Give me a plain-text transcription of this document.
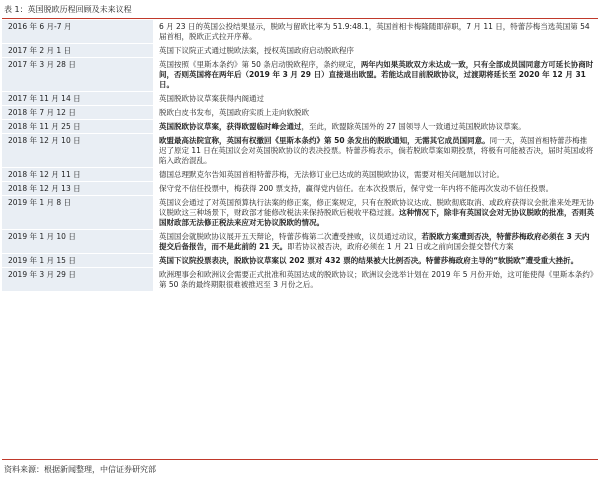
表 1：英国脱欧历程回顾及未来议程
2016 年 6 月-7 月	6 月 23 日的英国公投结果显示，脱欧与留欧比率为 51.9:48.1，英国首相卡梅隆随即辞职，7 月 11 日，特蕾莎梅当选英国第 54 届首相，脱欧正式拉开序幕。
2017 年 2 月 1 日	英国下议院正式通过脱欧法案，授权英国政府启动脱欧程序
2017 年 3 月 28 日	英国按照《里斯本条约》第 50 条启动脱欧程序，条约规定，两年内如果英欧双方未达成一致，只有全部成员国同意方可延长协商时间，否则英国将在两年后（2019 年 3 月 29 日）直接退出欧盟。若能达成目前脱欧协议，过渡期将延长至 2020 年 12 月 31 日。
2017 年 11 月 14 日	英国脱欧协议草案获得内阁通过
2018 年 7 月 12 日	脱欧白皮书发布，英国政府实质上走向软脱欧
2018 年 11 月 25 日	英国脱欧协议草案，获得欧盟临时峰会通过，至此，欧盟除英国外的 27 国领导人一致通过英国脱欧协议草案。
2018 年 12 月 10 日	欧盟最高法院宣称，英国有权撤回《里斯本条约》第 50 条发出的脱欧通知，无需其它成员国同意。同一天，英国首相特蕾莎梅推迟了原定 11 日在英国议会对英国脱欧协议的表决投票。特蕾莎梅表示，倘若脱欧草案如期投票，将极有可能被否决，届时英国或将陷入政治混乱。
2018 年 12 月 11 日	德国总理默克尔告知英国首相特蕾莎梅，无法修订业已达成的英国脱欧协议，需要对相关问题加以讨论。
2018 年 12 月 13 日	保守党不信任投票中，梅获得 200 票支持，赢得党内信任。在本次投票后，保守党一年内将不能再次发动不信任投票。
2019 年 1 月 8 日	英国议会通过了对英国预算执行法案的修正案，修正案规定，只有在脱欧协议达成、脱欧彻底取消、或政府获得议会批准来处理无协议脱欧这三种场景下，财政部才能修改税法来保持脱欧后税收平稳过渡。这种情况下，除非有英国议会对无协议脱欧的批准，否则英国财政部无法修正税法来应对无协议脱欧的情况。
2019 年 1 月 10 日	英国国会就脱欧协议展开五天辩论，特蕾莎梅第二次遭受挫败，议员通过动议，若脱欧方案遭到否决，特蕾莎梅政府必须在 3 天内提交后备报告，而不是此前的 21 天。即若协议被否决，政府必须在 1 月 21 日或之前向国会提交替代方案
2019 年 1 月 15 日	英国下议院投票表决，脱欧协议草案以 202 票对 432 票的结果被大比例否决。特蕾莎梅政府主导的“软脱欧”遭受重大挫折。
2019 年 3 月 29 日	欧洲理事会和欧洲议会需要正式批准和英国达成的脱欧协议；欧洲议会选举计划在 2019 年 5 月份开始，这可能使得《里斯本条约》第 50 条的最终期限很难被推迟至 3 月份之后。
资料来源：根据新闻整理，中信证券研究部
